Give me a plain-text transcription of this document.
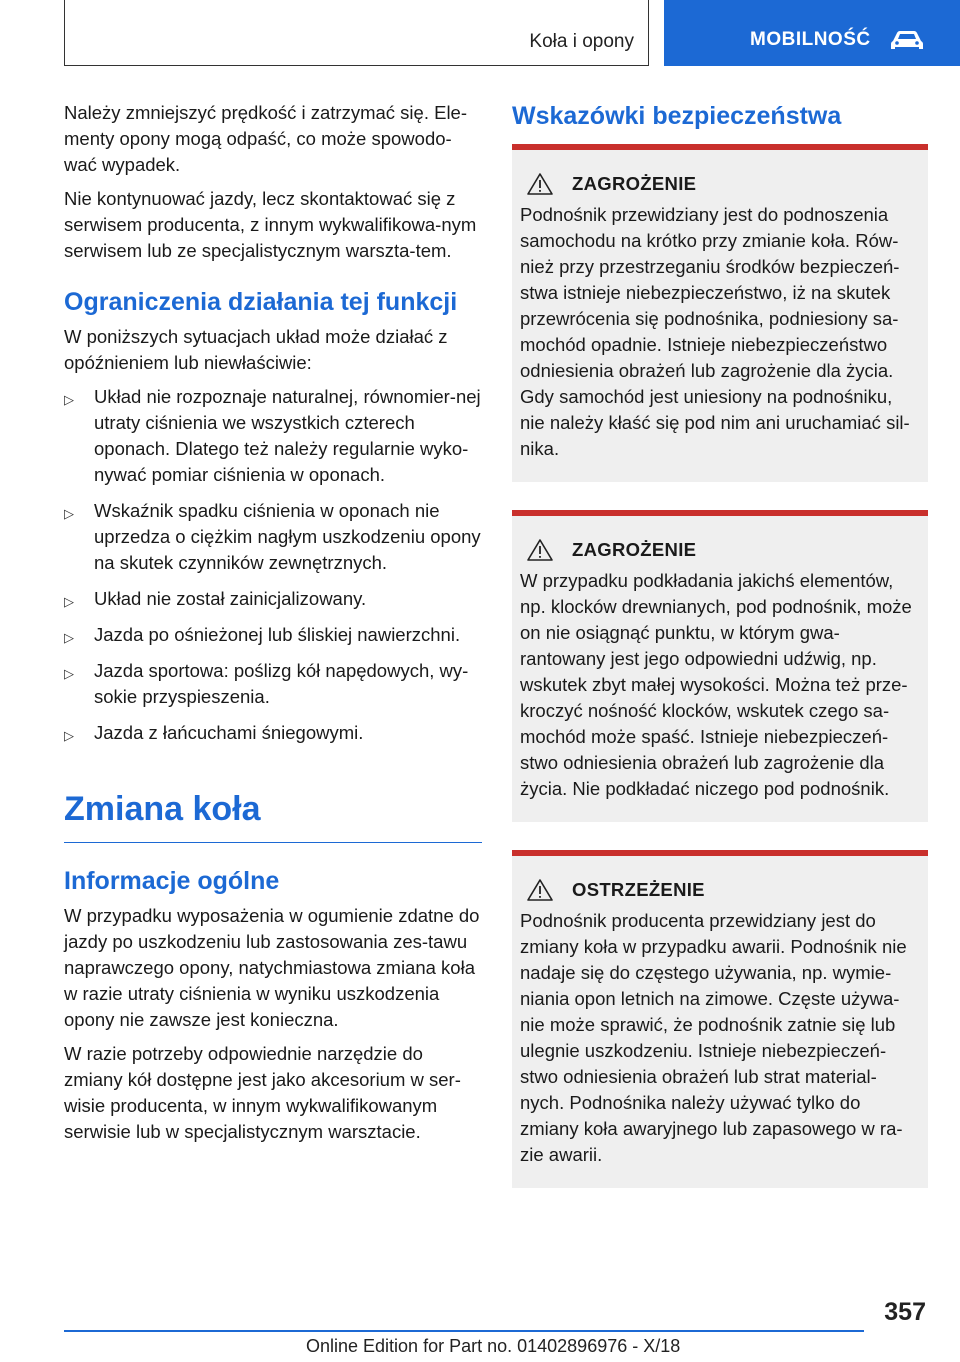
Koła i opony	MOBILNOŚĆ

Należy zmniejszyć prędkość i zatrzymać się. Ele-menty opony mogą odpaść, co może spowodo-wać wypadek.

Nie kontynuować jazdy, lecz skontaktować się z serwisem producenta, z innym wykwalifikowa-nym serwisem lub ze specjalistycznym warszta-tem.

Ograniczenia działania tej funkcji

W poniższych sytuacjach układ może działać z opóźnieniem lub niewłaściwie:

▷ Układ nie rozpoznaje naturalnej, równomier-nej utraty ciśnienia we wszystkich czterech oponach. Dlatego też należy regularnie wyko-nywać pomiar ciśnienia w oponach.
▷ Wskaźnik spadku ciśnienia w oponach nie uprzedza o ciężkim nagłym uszkodzeniu opony na skutek czynników zewnętrznych.
▷ Układ nie został zainicjalizowany.
▷ Jazda po ośnieżonej lub śliskiej nawierzchni.
▷ Jazda sportowa: poślizg kół napędowych, wy-sokie przyspieszenia.
▷ Jazda z łańcuchami śniegowymi.
Zmiana koła
Informacje ogólne

W przypadku wyposażenia w ogumienie zdatne do jazdy po uszkodzeniu lub zastosowania zes-tawu naprawczego opony, natychmiastowa zmiana koła w razie utraty ciśnienia w wyniku uszkodzenia opony nie zawsze jest konieczna.

W razie potrzeby odpowiednie narzędzie do zmiany kół dostępne jest jako akcesorium w ser-wisie producenta, w innym wykwalifikowanym serwisie lub w specjalistycznym warsztacie.

Wskazówki bezpieczeństwa
ZAGROŻENIE
Podnośnik przewidziany jest do podnoszenia samochodu na krótko przy zmianie koła. Rów-nież przy przestrzeganiu środków bezpieczeń-stwa istnieje niebezpieczeństwo, iż na skutek przewrócenia się podnośnika, podniesiony sa-mochód opadnie. Istnieje niebezpieczeństwo odniesienia obrażeń lub zagrożenie dla życia. Gdy samochód jest uniesiony na podnośniku, nie należy kłaść się pod nim ani uruchamiać sil-nika.
ZAGROŻENIE
W przypadku podkładania jakichś elementów, np. klocków drewnianych, pod podnośnik, może on nie osiągnąć punktu, w którym gwa-rantowany jest jego odpowiedni udźwig, np. wskutek zbyt małej wysokości. Można też prze-kroczyć nośność klocków, wskutek czego sa-mochód może spaść. Istnieje niebezpieczeń-stwo odniesienia obrażeń lub zagrożenie dla życia. Nie podkładać niczego pod podnośnik.
OSTRZEŻENIE
Podnośnik producenta przewidziany jest do zmiany koła w przypadku awarii. Podnośnik nie nadaje się do częstego używania, np. wymie-niania opon letnich na zimowe. Częste używa-nie może sprawić, że podnośnik zatnie się lub ulegnie uszkodzeniu. Istnieje niebezpieczeń-stwo odniesienia obrażeń lub strat material-nych. Podnośnika należy używać tylko do zmiany koła awaryjnego lub zapasowego w ra-zie awarii.
357
Online Edition for Part no. 01402896976 - X/18
